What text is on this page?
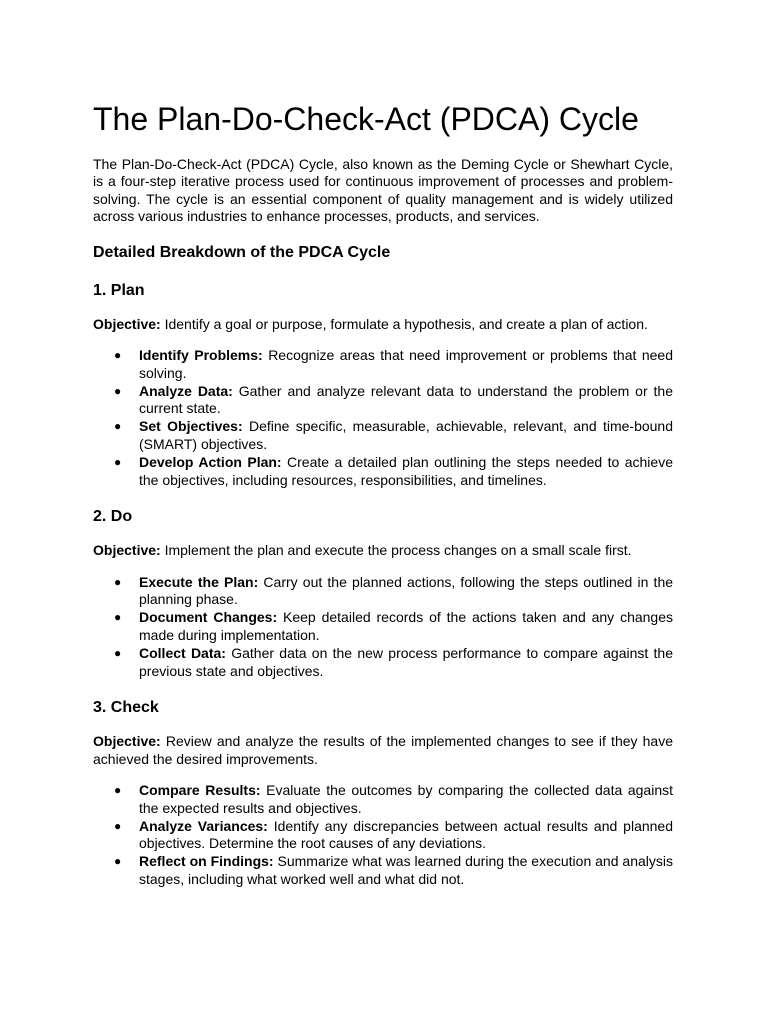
The Plan-Do-Check-Act (PDCA) Cycle

The Plan-Do-Check-Act (PDCA) Cycle, also known as the Deming Cycle or Shewhart Cycle, is a four-step iterative process used for continuous improvement of processes and problem-solving. The cycle is an essential component of quality management and is widely utilized across various industries to enhance processes, products, and services.

Detailed Breakdown of the PDCA Cycle
1. Plan

Objective: Identify a goal or purpose, formulate a hypothesis, and create a plan of action.

● Identify Problems: Recognize areas that need improvement or problems that need solving.
● Analyze Data: Gather and analyze relevant data to understand the problem or the current state.
● Set Objectives: Define specific, measurable, achievable, relevant, and time-bound (SMART) objectives.
● Develop Action Plan: Create a detailed plan outlining the steps needed to achieve the objectives, including resources, responsibilities, and timelines.
2. Do

Objective: Implement the plan and execute the process changes on a small scale first.

● Execute the Plan: Carry out the planned actions, following the steps outlined in the planning phase.
● Document Changes: Keep detailed records of the actions taken and any changes made during implementation.
● Collect Data: Gather data on the new process performance to compare against the previous state and objectives.
3. Check

Objective: Review and analyze the results of the implemented changes to see if they have achieved the desired improvements.

● Compare Results: Evaluate the outcomes by comparing the collected data against the expected results and objectives.
● Analyze Variances: Identify any discrepancies between actual results and planned objectives. Determine the root causes of any deviations.
● Reflect on Findings: Summarize what was learned during the execution and analysis stages, including what worked well and what did not.
